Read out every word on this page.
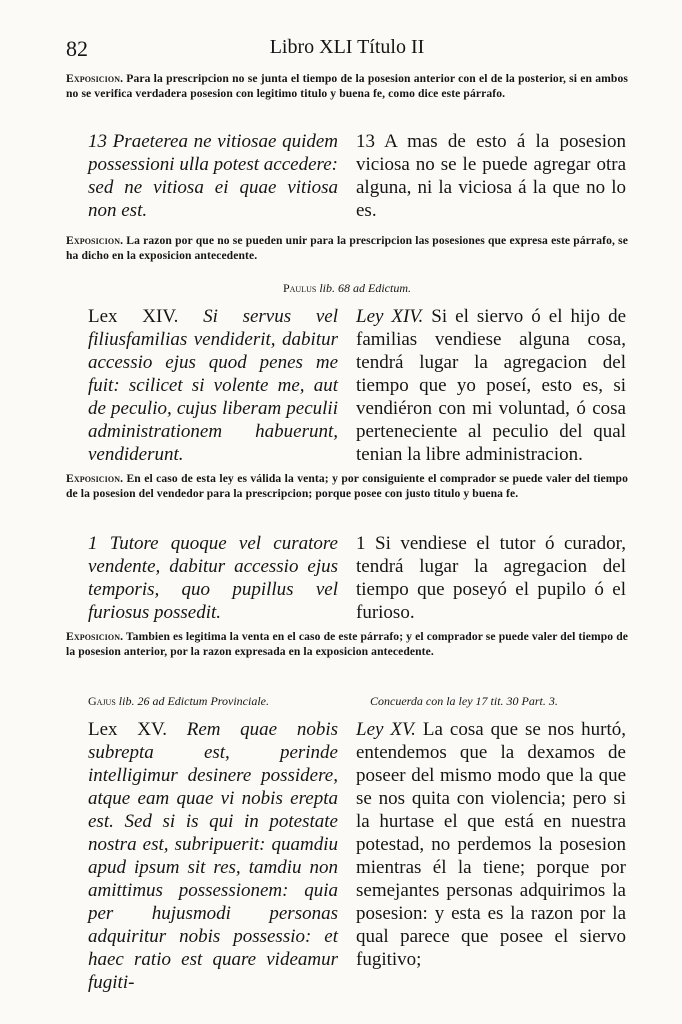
82	Libro XLI Título II
Exposicion. Para la prescripcion no se junta el tiempo de la posesion anterior con el de la posterior, si en ambos no se verifica verdadera posesion con legitimo titulo y buena fe, como dice este párrafo.
13 Praeterea ne vitiosae quidem possessioni ulla potest accedere: sed ne vitiosa ei quae vitiosa non est.
13 A mas de esto á la posesion viciosa no se le puede agregar otra alguna, ni la viciosa á la que no lo es.
Exposicion. La razon por que no se pueden unir para la prescripcion las posesiones que expresa este párrafo, se ha dicho en la exposicion antecedente.
Paulus lib. 68 ad Edictum.
Lex XIV. Si servus vel filiusfamilias vendiderit, dabitur accessio ejus quod penes me fuit: scilicet si volente me, aut de peculio, cujus liberam peculii administrationem habuerunt, vendiderunt.
Ley XIV. Si el siervo ó el hijo de familias vendiese alguna cosa, tendrá lugar la agregacion del tiempo que yo poseí, esto es, si vendiéron con mi voluntad, ó cosa perteneciente al peculio del qual tenian la libre administracion.
Exposicion. En el caso de esta ley es válida la venta; y por consiguiente el comprador se puede valer del tiempo de la posesion del vendedor para la prescripcion; porque posee con justo titulo y buena fe.
1 Tutore quoque vel curatore vendente, dabitur accessio ejus temporis, quo pupillus vel furiosus possedit.
1 Si vendiese el tutor ó curador, tendrá lugar la agregacion del tiempo que poseyó el pupilo ó el furioso.
Exposicion. Tambien es legitima la venta en el caso de este párrafo; y el comprador se puede valer del tiempo de la posesion anterior, por la razon expresada en la exposicion antecedente.
Gajus lib. 26 ad Edictum Provinciale.	Concuerda con la ley 17 tit. 30 Part. 3.
Lex XV. Rem quae nobis subrepta est, perinde intelligimur desinere possidere, atque eam quae vi nobis erepta est. Sed si is qui in potestate nostra est, subripuerit: quamdiu apud ipsum sit res, tamdiu non amittimus possessionem: quia per hujusmodi personas adquiritur nobis possessio: et haec ratio est quare videamur fugiti-
Ley XV. La cosa que se nos hurtó, entendemos que la dexamos de poseer del mismo modo que la que se nos quita con violencia; pero si la hurtase el que está en nuestra potestad, no perdemos la posesion mientras él la tiene; porque por semejantes personas adquirimos la posesion: y esta es la razon por la qual parece que posee el siervo fugitivo;
